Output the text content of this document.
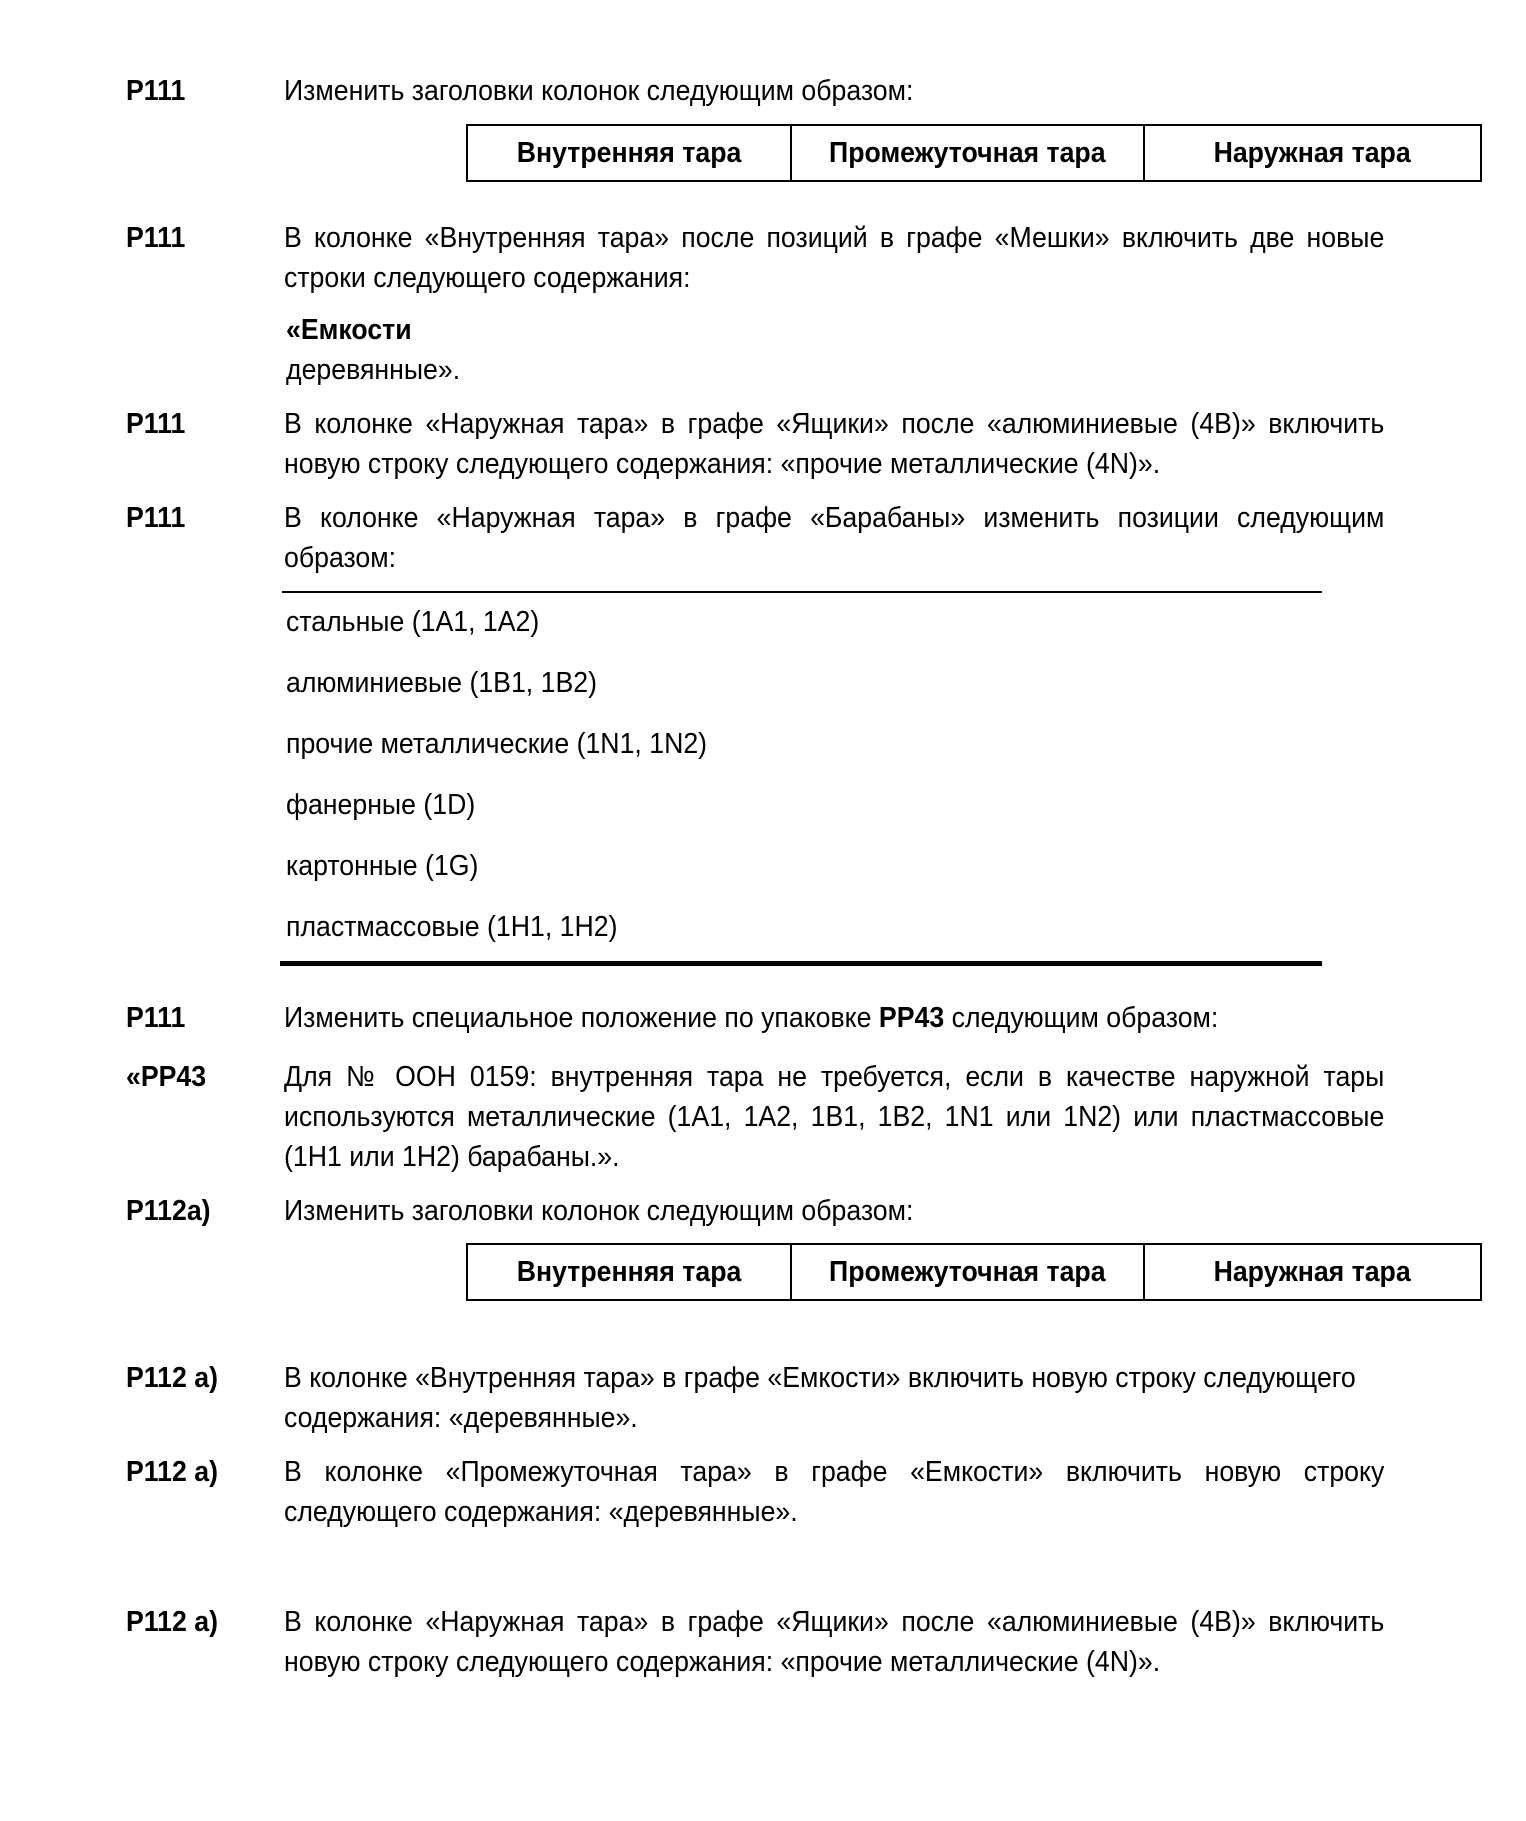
P111	Изменить заголовки колонок следующим образом:
Внутренняя тара	Промежуточная тара	Наружная тара
P111	В колонке «Внутренняя тара» после позиций в графе «Мешки» включить две новые строки следующего содержания:
«Емкости
деревянные».
P111	В колонке «Наружная тара» в графе «Ящики» после «алюминиевые (4B)» включить новую строку следующего содержания: «прочие металлические (4N)».
P111	В колонке «Наружная тара» в графе «Барабаны» изменить позиции следующим образом:
стальные (1A1, 1A2)
алюминиевые (1B1, 1B2)
прочие металлические (1N1, 1N2)
фанерные (1D)
картонные (1G)
пластмассовые (1H1, 1H2)
P111	Изменить специальное положение по упаковке PP43 следующим образом:
«PP43	Для № ООН 0159: внутренняя тара не требуется, если в качестве наружной тары используются металлические (1A1, 1A2, 1B1, 1B2, 1N1 или 1N2) или пластмассовые (1H1 или 1H2) барабаны.».
P112a)	Изменить заголовки колонок следующим образом:
Внутренняя тара	Промежуточная тара	Наружная тара
P112 a) В колонке «Внутренняя тара» в графе «Емкости» включить новую строку следующего содержания: «деревянные».
P112 a) В колонке «Промежуточная тара» в графе «Емкости» включить новую строку следующего содержания: «деревянные».
P112 a) В колонке «Наружная тара» в графе «Ящики» после «алюминиевые (4B)» включить новую строку следующего содержания: «прочие металлические (4N)».
